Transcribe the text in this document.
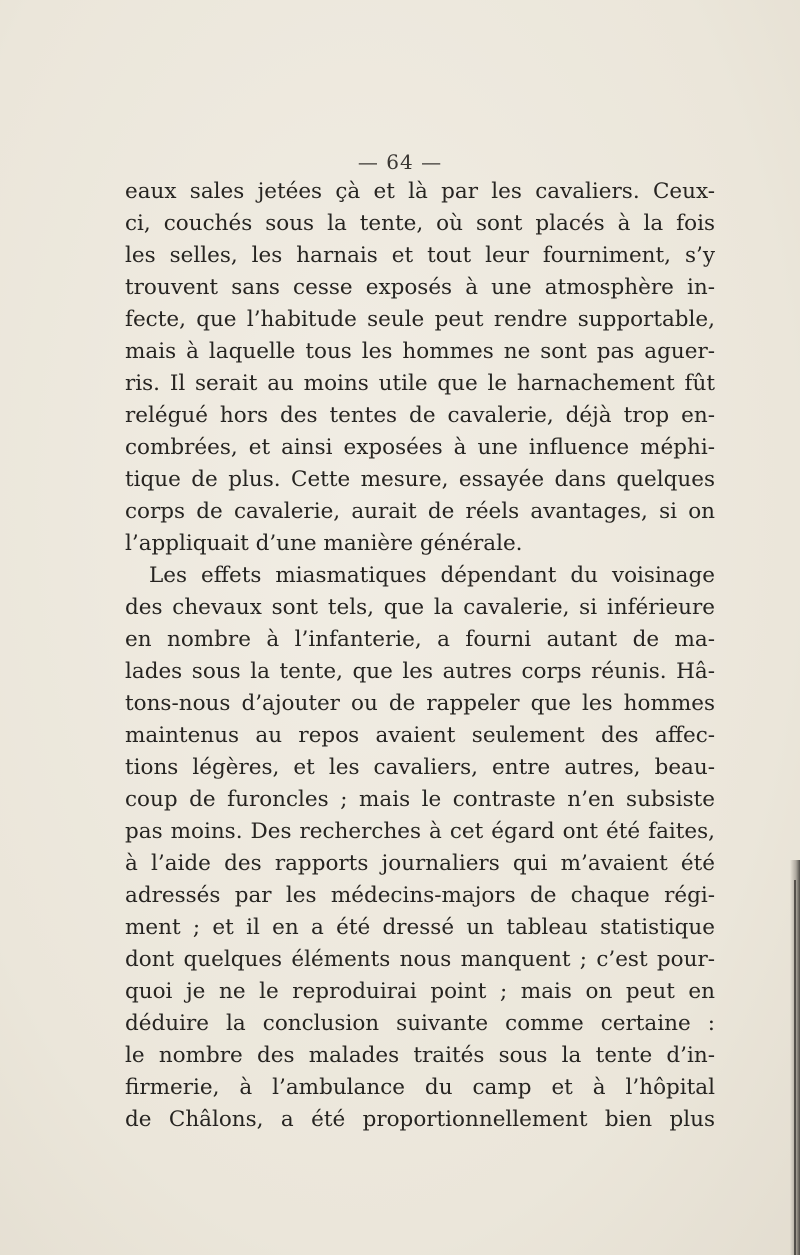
— 64 —
eaux sales jetées çà et là par les cavaliers. Ceux-
ci, couchés sous la tente, où sont placés à la fois
les selles, les harnais et tout leur fourniment, s’y
trouvent sans cesse exposés à une atmosphère in-
fecte, que l’habitude seule peut rendre supportable,
mais à laquelle tous les hommes ne sont pas aguer-
ris. Il serait au moins utile que le harnachement fût
relégué hors des tentes de cavalerie, déjà trop en-
combrées, et ainsi exposées à une influence méphi-
tique de plus. Cette mesure, essayée dans quelques
corps de cavalerie, aurait de réels avantages, si on
l’appliquait d’une manière générale.
Les effets miasmatiques dépendant du voisinage
des chevaux sont tels, que la cavalerie, si inférieure
en nombre à l’infanterie, a fourni autant de ma-
lades sous la tente, que les autres corps réunis. Hâ-
tons-nous d’ajouter ou de rappeler que les hommes
maintenus au repos avaient seulement des affec-
tions légères, et les cavaliers, entre autres, beau-
coup de furoncles ; mais le contraste n’en subsiste
pas moins. Des recherches à cet égard ont été faites,
à l’aide des rapports journaliers qui m’avaient été
adressés par les médecins-majors de chaque régi-
ment ; et il en a été dressé un tableau statistique
dont quelques éléments nous manquent ; c’est pour-
quoi je ne le reproduirai point ; mais on peut en
déduire la conclusion suivante comme certaine :
le nombre des malades traités sous la tente d’in-
firmerie, à l’ambulance du camp et à l’hôpital
de Châlons, a été proportionnellement bien plus
